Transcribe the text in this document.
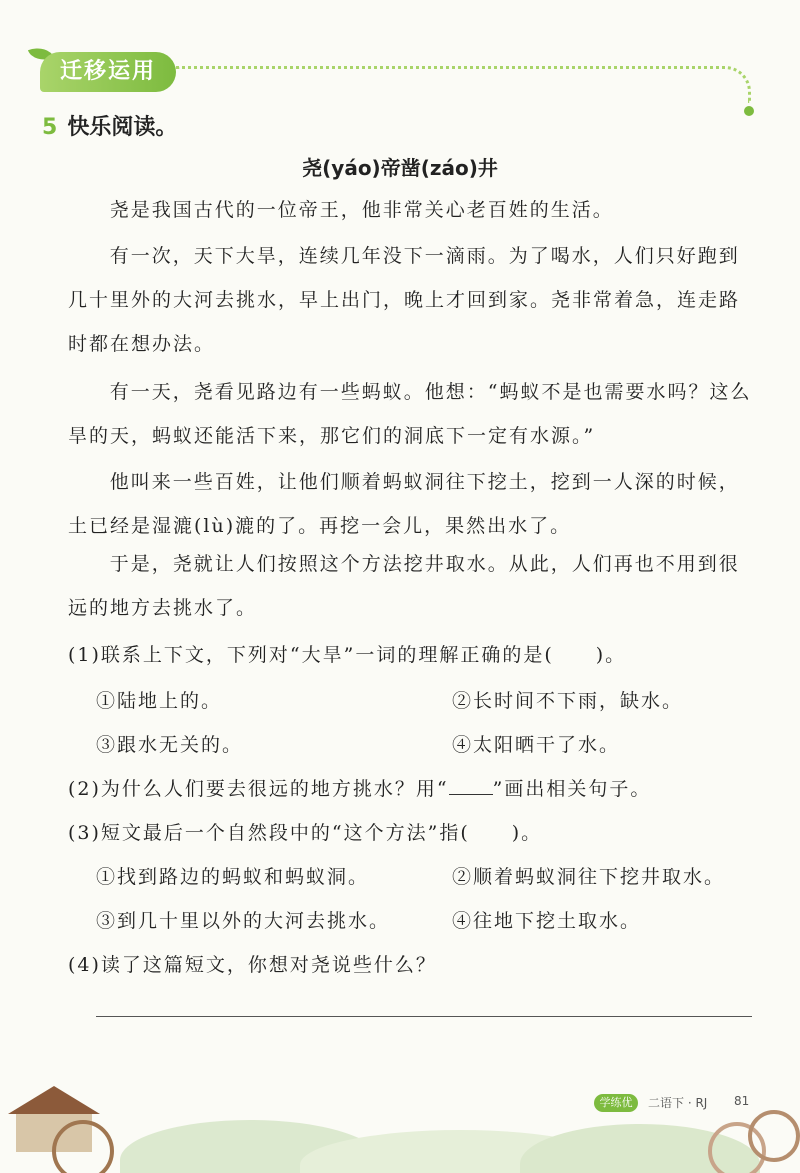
迁移运用
5 快乐阅读。
尧(yáo)帝凿(záo)井
尧是我国古代的一位帝王，他非常关心老百姓的生活。
有一次，天下大旱，连续几年没下一滴雨。为了喝水，人们只好跑到几十里外的大河去挑水，早上出门，晚上才回到家。尧非常着急，连走路时都在想办法。
有一天，尧看见路边有一些蚂蚁。他想：“蚂蚁不是也需要水吗？这么旱的天，蚂蚁还能活下来，那它们的洞底下一定有水源。”
他叫来一些百姓，让他们顺着蚂蚁洞往下挖土，挖到一人深的时候，土已经是湿漉(lù)漉的了。再挖一会儿，果然出水了。
于是，尧就让人们按照这个方法挖井取水。从此，人们再也不用到很远的地方去挑水了。
(1)联系上下文，下列对“大旱”一词的理解正确的是(　　)。
①陆地上的。	②长时间不下雨，缺水。
③跟水无关的。	④太阳晒干了水。
(2)为什么人们要去很远的地方挑水？用“ ”画出相关句子。
(3)短文最后一个自然段中的“这个方法”指(　　)。
①找到路边的蚂蚁和蚂蚁洞。	②顺着蚂蚁洞往下挖井取水。
③到几十里以外的大河去挑水。	④往地下挖土取水。
(4)读了这篇短文，你想对尧说些什么？
学练优	二语下 · RJ 81
